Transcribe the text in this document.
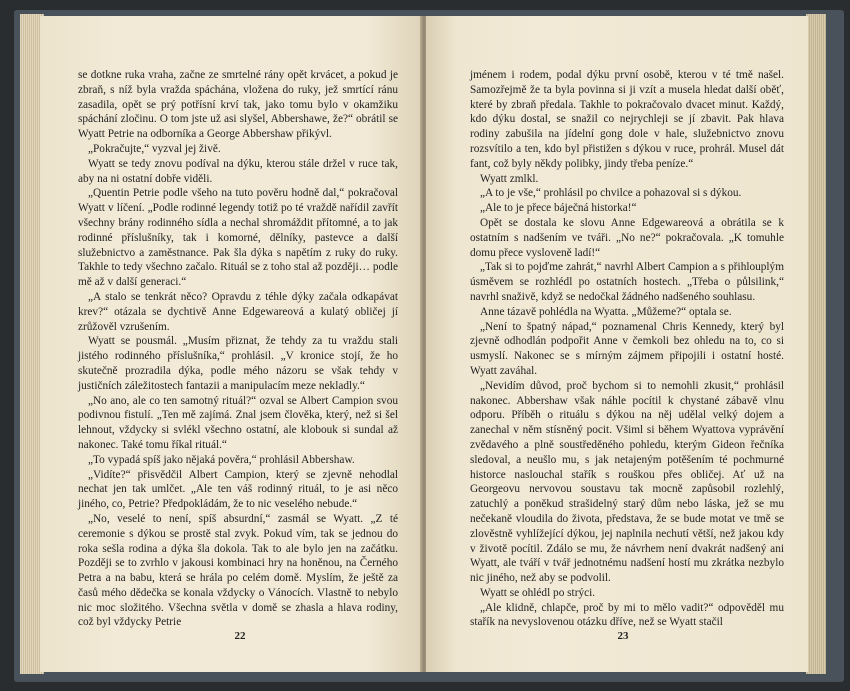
se dotkne ruka vraha, začne ze smrtelné rány opět krvácet, a pokud je zbraň, s níž byla vražda spáchána, vložena do ruky, jež smrtící ránu zasadila, opět se prý potřísní krví tak, jako tomu bylo v okamžiku spáchání zločinu. O tom jste už asi slyšel, Abbershawe, že?“ obrátil se Wyatt Petrie na odborníka a George Abbershaw přikývl.

„Pokračujte,“ vyzval jej živě.

Wyatt se tedy znovu podíval na dýku, kterou stále držel v ruce tak, aby na ni ostatní dobře viděli.

„Quentin Petrie podle všeho na tuto pověru hodně dal,“ pokračoval Wyatt v líčení. „Podle rodinné legendy totiž po té vraždě nařídil zavřít všechny brány rodinného sídla a nechal shromáždit přítomné, a to jak rodinné příslušníky, tak i komorné, dělníky, pastevce a další služebnictvo a zaměstnance. Pak šla dýka s napětím z ruky do ruky. Takhle to tedy všechno začalo. Rituál se z toho stal až později… podle mě až v další generaci.“

„A stalo se tenkrát něco? Opravdu z téhle dýky začala odkapávat krev?“ otázala se dychtivě Anne Edgewareová a kulatý obličej jí zrůžověl vzrušením.

Wyatt se pousmál. „Musím přiznat, že tehdy za tu vraždu stali jistého rodinného příslušníka,“ prohlásil. „V kronice stojí, že ho skutečně prozradila dýka, podle mého názoru se však tehdy v justičních záležitostech fantazii a manipulacím meze nekladly.“

„No ano, ale co ten samotný rituál?“ ozval se Albert Campion svou podivnou fistulí. „Ten mě zajímá. Znal jsem člověka, který, než si šel lehnout, vždycky si svlékl všechno ostatní, ale klobouk si sundal až nakonec. Také tomu říkal rituál.“

„To vypadá spíš jako nějaká pověra,“ prohlásil Abbershaw.

„Vidíte?“ přisvědčil Albert Campion, který se zjevně nehodlal nechat jen tak umlčet. „Ale ten váš rodinný rituál, to je asi něco jiného, co, Petrie? Předpokládám, že to nic veselého nebude.“

„No, veselé to není, spíš absurdní,“ zasmál se Wyatt. „Z té ceremonie s dýkou se prostě stal zvyk. Pokud vím, tak se jednou do roka sešla rodina a dýka šla dokola. Tak to ale bylo jen na začátku. Později se to zvrhlo v jakousi kombinaci hry na honěnou, na Černého Petra a na babu, která se hrála po celém domě. Myslím, že ještě za časů mého dědečka se konala vždycky o Vánocích. Vlastně to nebylo nic moc složitého. Všechna světla v domě se zhasla a hlava rodiny, což byl vždycky Petrie

22

jménem i rodem, podal dýku první osobě, kterou v té tmě našel. Samozřejmě že ta byla povinna si ji vzít a musela hledat další oběť, které by zbraň předala. Takhle to pokračovalo dvacet minut. Každý, kdo dýku dostal, se snažil co nejrychleji se jí zbavit. Pak hlava rodiny zabušila na jídelní gong dole v hale, služebnictvo znovu rozsvítilo a ten, kdo byl přistižen s dýkou v ruce, prohrál. Musel dát fant, což byly někdy polibky, jindy třeba peníze.“

Wyatt zmlkl.

„A to je vše,“ prohlásil po chvilce a pohazoval si s dýkou.

„Ale to je přece báječná historka!“

Opět se dostala ke slovu Anne Edgewareová a obrátila se k ostatním s nadšením ve tváři. „No ne?“ pokračovala. „K tomuhle domu přece vysloveně ladí!“

„Tak si to pojďme zahrát,“ navrhl Albert Campion a s přihlouplým úsměvem se rozhlédl po ostatních hostech. „Třeba o půlsilink,“ navrhl snaživě, když se nedočkal žádného nadšeného souhlasu.

Anne tázavě pohlédla na Wyatta. „Můžeme?“ optala se.

„Není to špatný nápad,“ poznamenal Chris Kennedy, který byl zjevně odhodlán podpořit Anne v čemkoli bez ohledu na to, co si usmyslí. Nakonec se s mírným zájmem připojili i ostatní hosté. Wyatt zaváhal.

„Nevidím důvod, proč bychom si to nemohli zkusit,“ prohlásil nakonec. Abbershaw však náhle pocítil k chystané zábavě vlnu odporu. Příběh o rituálu s dýkou na něj udělal velký dojem a zanechal v něm stísněný pocit. Všiml si během Wyattova vyprávění zvědavého a plně soustředěného pohledu, kterým Gideon řečníka sledoval, a neušlo mu, s jak netajeným potěšením té pochmurné historce naslouchal stařík s rouškou přes obličej. Ať už na Georgeovu nervovou soustavu tak mocně zapůsobil rozlehlý, zatuchlý a poněkud strašidelný starý dům nebo láska, jež se mu nečekaně vloudila do života, představa, že se bude motat ve tmě se zlověstně vyhlížející dýkou, jej naplnila nechutí větší, než jakou kdy v životě pocítil. Zdálo se mu, že návrhem není dvakrát nadšený ani Wyatt, ale tváří v tvář jednotnému nadšení hostí mu zkrátka nezbylo nic jiného, než aby se podvolil.

Wyatt se ohlédl po strýci.

„Ale klidně, chlapče, proč by mi to mělo vadit?“ odpověděl mu stařík na nevyslovenou otázku dříve, než se Wyatt stačil

23
